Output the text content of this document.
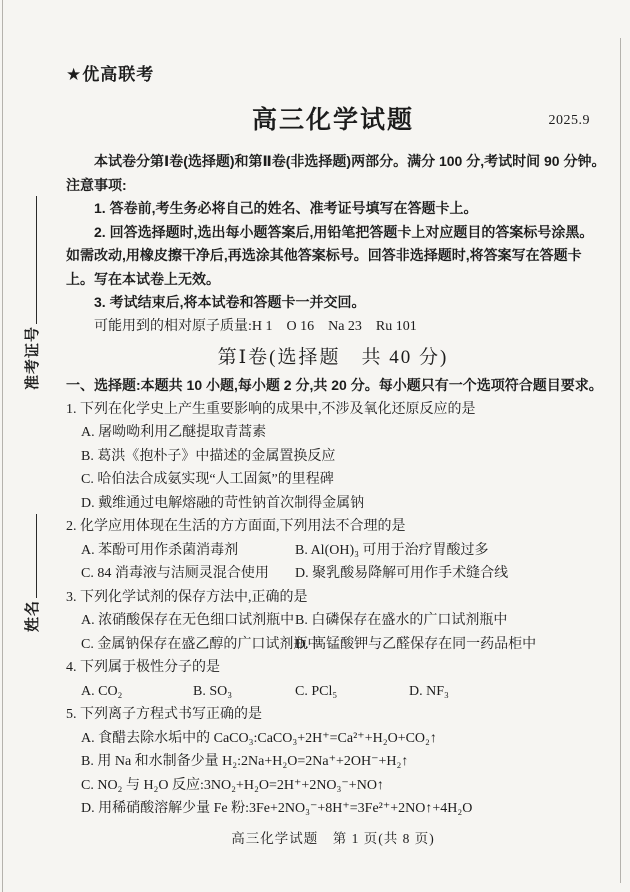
准考证号
姓名
★优高联考
高三化学试题	2025.9
本试卷分第Ⅰ卷(选择题)和第Ⅱ卷(非选择题)两部分。满分 100 分,考试时间 90 分钟。
注意事项:
1. 答卷前,考生务必将自己的姓名、准考证号填写在答题卡上。
2. 回答选择题时,选出每小题答案后,用铅笔把答题卡上对应题目的答案标号涂黑。
如需改动,用橡皮擦干净后,再选涂其他答案标号。回答非选择题时,将答案写在答题卡
上。写在本试卷上无效。
3. 考试结束后,将本试卷和答题卡一并交回。
可能用到的相对原子质量:H 1　O 16　Na 23　Ru 101
第Ⅰ卷(选择题　共 40 分)
一、选择题:本题共 10 小题,每小题 2 分,共 20 分。每小题只有一个选项符合题目要求。
1. 下列在化学史上产生重要影响的成果中,不涉及氧化还原反应的是
A. 屠呦呦利用乙醚提取青蒿素
B. 葛洪《抱朴子》中描述的金属置换反应
C. 哈伯法合成氨实现“人工固氮”的里程碑
D. 戴维通过电解熔融的苛性钠首次制得金属钠
2. 化学应用体现在生活的方方面面,下列用法不合理的是
A. 苯酚可用作杀菌消毒剂	B. Al(OH)₃ 可用于治疗胃酸过多
C. 84 消毒液与洁厕灵混合使用	D. 聚乳酸易降解可用作手术缝合线
3. 下列化学试剂的保存方法中,正确的是
A. 浓硝酸保存在无色细口试剂瓶中 B. 白磷保存在盛水的广口试剂瓶中
C. 金属钠保存在盛乙醇的广口试剂瓶中
D. 高锰酸钾与乙醛保存在同一药品柜中
4. 下列属于极性分子的是
A. CO₂	B. SO₃	C. PCl₅	D. NF₃
5. 下列离子方程式书写正确的是
A. 食醋去除水垢中的 CaCO₃:CaCO₃+2H⁺=Ca²⁺+H₂O+CO₂↑
B. 用 Na 和水制备少量 H₂:2Na+H₂O=2Na⁺+2OH⁻+H₂↑
C. NO₂ 与 H₂O 反应:3NO₂+H₂O=2H⁺+2NO₃⁻+NO↑
D. 用稀硝酸溶解少量 Fe 粉:3Fe+2NO₃⁻+8H⁺=3Fe²⁺+2NO↑+4H₂O
高三化学试题　第 1 页(共 8 页)
